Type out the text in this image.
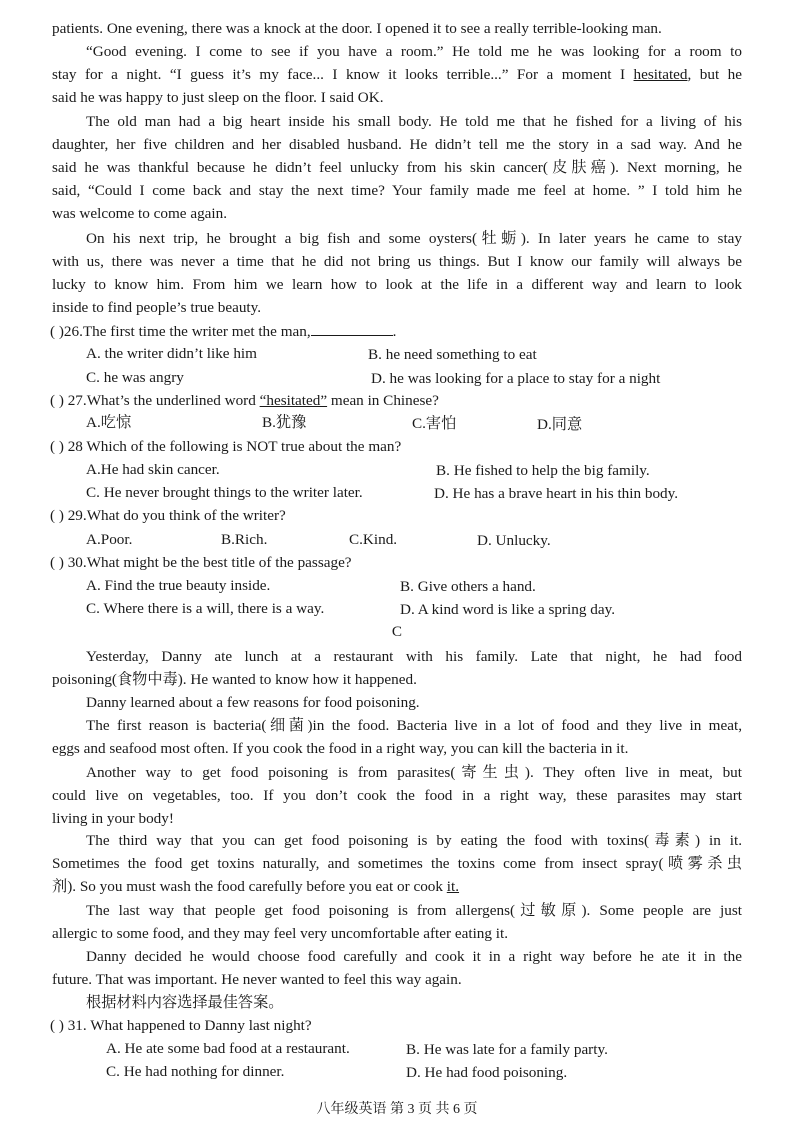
patients. One evening, there was a knock at the door. I opened it to see a really terrible-looking man.
“Good evening. I come to see if you have a room.” He told me he was looking for a room to
stay for a night. “I guess it’s my face... I know it looks terrible...” For a moment I hesitated, but he
said he was happy to just sleep on the floor. I said OK.
The old man had a big heart inside his small body. He told me that he fished for a living of his
daughter, her five children and her disabled husband. He didn’t tell me the story in a sad way. And he
said he was thankful because he didn’t feel unlucky from his skin cancer(皮肤癌). Next morning, he
said, “Could I come back and stay the next time? Your family made me feel at home. ” I told him he
was welcome to come again.
On his next trip, he brought a big fish and some oysters(牡蛎). In later years he came to stay
with us, there was never a time that he did not bring us things. But I know our family will always be
lucky to know him. From him we learn how to look at the life in a different way and learn to look
inside to find people’s true beauty.
( )26.The first time the writer met the man,	.
A. the writer didn’t like him	B. he need something to eat
C. he was angry	D. he was looking for a place to stay for a night
( ) 27.What’s the underlined word “hesitated” mean in Chinese?
A.吃惊	B.犹豫	C.害怕	D.同意
( ) 28 Which of the following is NOT true about the man?
A.He had skin cancer.	B. He fished to help the big family.
C. He never brought things to the writer later.	D. He has a brave heart in his thin body.
( ) 29.What do you think of the writer?
A.Poor.	B.Rich.	C.Kind.	D. Unlucky.
( ) 30.What might be the best title of the passage?
A. Find the true beauty inside.	B. Give others a hand.
C. Where there is a will, there is a way.	D. A kind word is like a spring day.
C
Yesterday, Danny ate lunch at a restaurant with his family. Late that night, he had food
poisoning(食物中毒). He wanted to know how it happened.
Danny learned about a few reasons for food poisoning.
The first reason is bacteria(细菌)in the food. Bacteria live in a lot of food and they live in meat,
eggs and seafood most often. If you cook the food in a right way, you can kill the bacteria in it.
Another way to get food poisoning is from parasites(寄生虫). They often live in meat, but
could live on vegetables, too. If you don’t cook the food in a right way, these parasites may start
living in your body!
The third way that you can get food poisoning is by eating the food with toxins(毒素) in it.
Sometimes the food get toxins naturally, and sometimes the toxins come from insect spray(喷雾杀虫
剂). So you must wash the food carefully before you eat or cook it.
The last way that people get food poisoning is from allergens(过敏原). Some people are just
allergic to some food, and they may feel very uncomfortable after eating it.
Danny decided he would choose food carefully and cook it in a right way before he ate it in the
future. That was important. He never wanted to feel this way again.
根据材料内容选择最佳答案。
( ) 31. What happened to Danny last night?
A. He ate some bad food at a restaurant.	B. He was late for a family party.
C. He had nothing for dinner.	D. He had food poisoning.
八年级英语 第 3 页 共 6 页
